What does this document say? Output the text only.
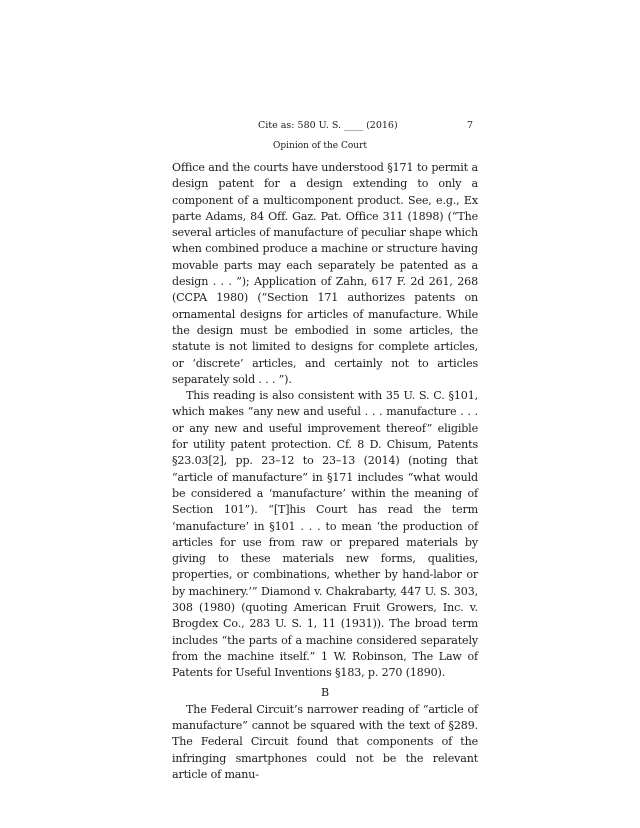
Cite as: 580 U. S. ____ (2016)	7
Opinion of the Court

Office and the courts have understood §171 to permit a design patent for a design extending to only a component of a multicomponent product. See, e.g., Ex parte Adams, 84 Off. Gaz. Pat. Office 311 (1898) (“The several articles of manufacture of peculiar shape which when combined produce a machine or structure having movable parts may each separately be patented as a design . . . ”); Application of Zahn, 617 F. 2d 261, 268 (CCPA 1980) (“Section 171 authorizes patents on ornamental designs for articles of manufacture. While the design must be embodied in some articles, the statute is not limited to designs for complete articles, or ‘discrete’ articles, and certainly not to articles separately sold . . . ”).

This reading is also consistent with 35 U. S. C. §101, which makes “any new and useful . . . manufacture . . . or any new and useful improvement thereof” eligible for utility patent protection. Cf. 8 D. Chisum, Patents §23.03[2], pp. 23–12 to 23–13 (2014) (noting that “article of manufacture” in §171 includes “what would be considered a ‘manufacture’ within the meaning of Section 101”). “[T]his Court has read the term ‘manufacture’ in §101 . . . to mean ‘the production of articles for use from raw or prepared materials by giving to these materials new forms, qualities, properties, or combinations, whether by hand-labor or by machinery.’” Diamond v. Chakrabarty, 447 U. S. 303, 308 (1980) (quoting American Fruit Growers, Inc. v. Brogdex Co., 283 U. S. 1, 11 (1931)). The broad term includes “the parts of a machine considered separately from the machine itself.” 1 W. Robinson, The Law of Patents for Useful Inventions §183, p. 270 (1890).

B

The Federal Circuit’s narrower reading of “article of manufacture” cannot be squared with the text of §289. The Federal Circuit found that components of the infringing smartphones could not be the relevant article of manu-
